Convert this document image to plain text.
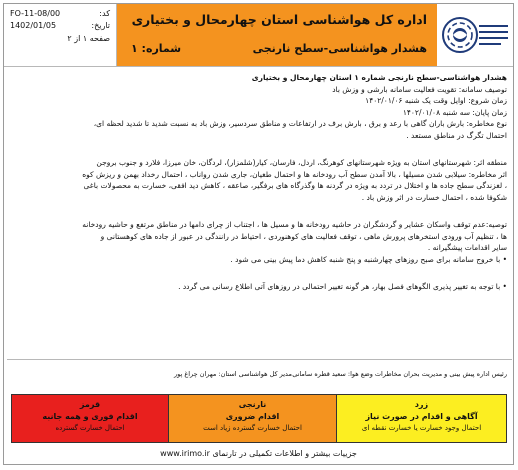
کد:
FO-11-08/00
تاریخ:
1402/01/05
صفحه ۱ از ۲
اداره کل هواشناسی استان چهارمحال و بختیاری
هشدار هواشناسی-سطح نارنجی
شماره: ۱

هشدار هواشناسی-سطح نارنجی شماره ۱ استان چهارمحال و بختیاری

توصیف سامانه: تقویت فعالیت سامانه بارشی و وزش باد

زمان شروع: اوایل وقت یک شنبه ۱۴۰۲/۰۱/۰۶

زمان پایان: سه شنبه ۱۴۰۲/۰۱/۰۸

نوع مخاطره: بارش باران گاهی با رعد و برق ، بارش برف در ارتفاعات و مناطق سردسیر، وزش باد به نسبت شدید تا شدید لحظه ای،

احتمال تگرگ در مناطق مستعد .

منطقه اثر: شهرستانهای استان به ویژه شهرستانهای کوهرنگ، اردل، فارسان، کیار(شلمزار)، لردگان، خان میرزا، فلارد و جنوب بروجن

اثر مخاطره: سیلابی شدن مسیلها ، بالا آمدن سطح آب رودخانه ها و احتمال طغیان، جاری شدن رواناب ، احتمال رخداد بهمن و ریزش کوه

، لغزندگی سطح جاده ها و اختلال در تردد به ویژه در گردنه ها وگذرگاه های برفگیر، صاعقه ، کاهش دید افقی، خسارت به محصولات باغی

شکوفا شده ، احتمال خسارت در اثر وزش باد .

توصیه:عدم توقف واسکان عشایر و گردشگران در حاشیه رودخانه ها و مسیل ها ، اجتناب از چرای دامها در مناطق مرتفع و حاشیه رودخانه

ها ، تنظیم آب ورودی استخرهای پرورش ماهی ، توقف فعالیت های کوهنوردی ، احتیاط در رانندگی در عبور از جاده های کوهستانی و

سایر اقدامات پیشگیرانه .

• با خروج سامانه برای صبح روزهای چهارشنبه و پنج شنبه کاهش دما پیش بینی می شود .

• با توجه به تغییر پذیری الگوهای فصل بهار، هر گونه تغییر احتمالی در روزهای آتی اطلاع رسانی می گردد .

رئیس اداره پیش بینی و مدیریت بحران مخاطرات وضع هوا: سعید قطره سامانی
مدیر کل هواشناسی استان: مهران چراغ پور
قرمز
اقدام فوری و همه جانبه
احتمال خسارت گسترده
نارنجی
اقدام ضروری
احتمال خسارت گسترده زیاد است
زرد
آگاهی و اقدام در صورت نیاز
احتمال وجود خسارت یا خسارت نقطه ای
جزییات بیشتر و اطلاعات تکمیلی در تارنمای www.irimo.ir
